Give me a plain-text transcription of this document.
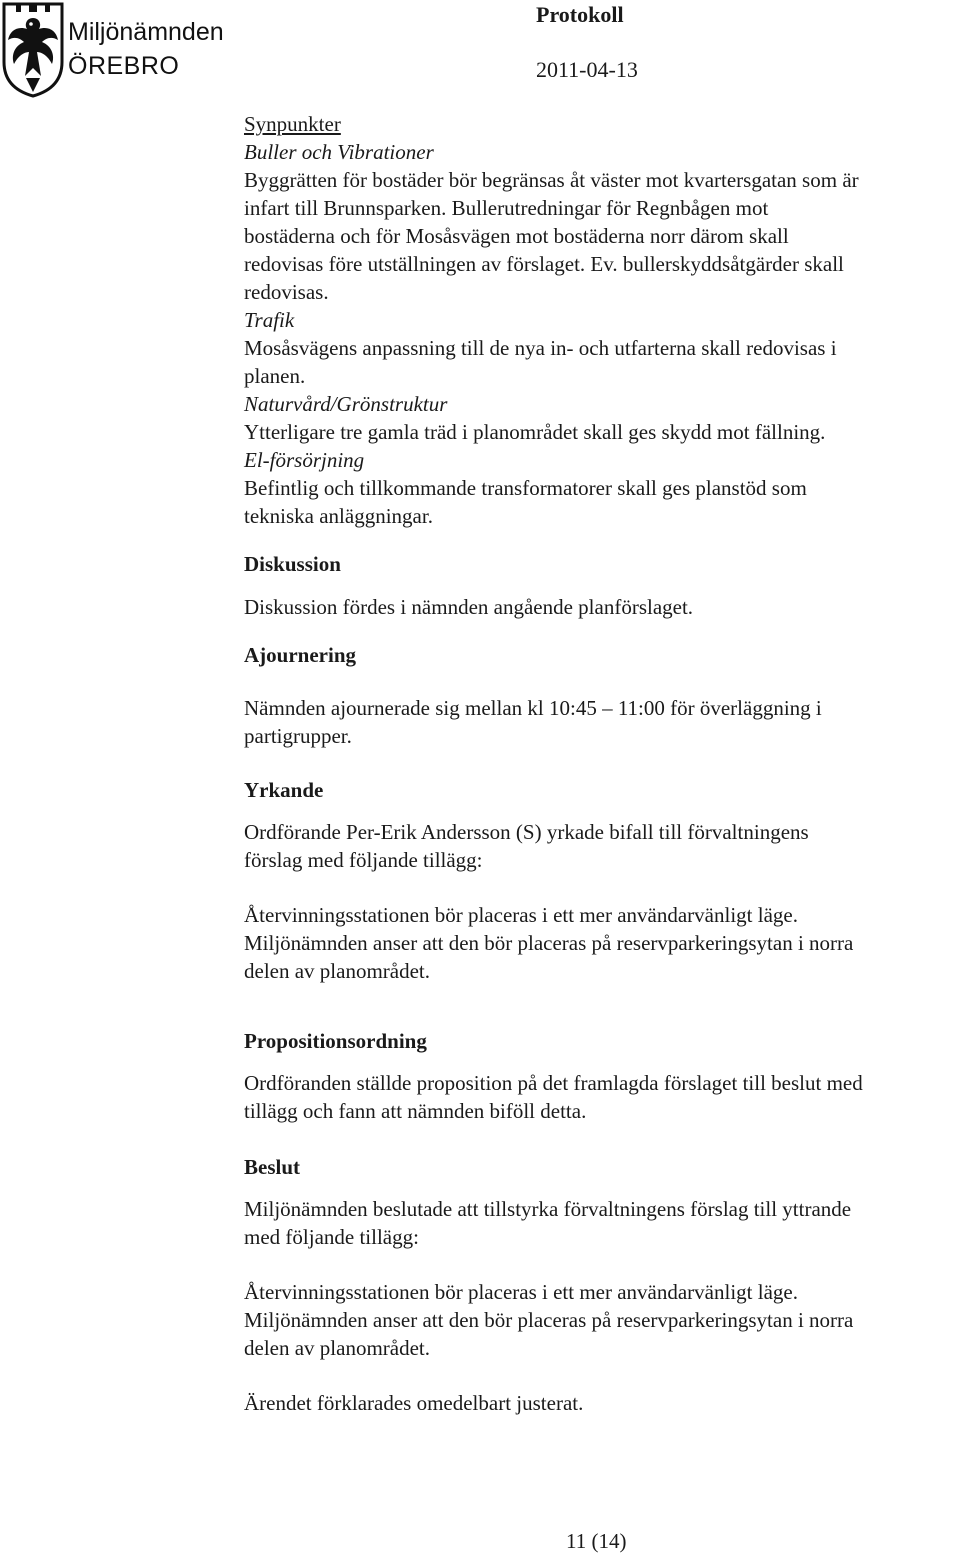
Miljönämnden
ÖREBRO
Protokoll
2011-04-13

Synpunkter

Buller och Vibrationer

Byggrätten för bostäder bör begränsas åt väster mot kvartersgatan som är

infart till Brunnsparken. Bullerutredningar för Regnbågen mot

bostäderna och för Mosåsvägen mot bostäderna norr därom skall

redovisas före utställningen av förslaget. Ev. bullerskyddsåtgärder skall

redovisas.

Trafik

Mosåsvägens anpassning till de nya in- och utfarterna skall redovisas i

planen.

Naturvård/Grönstruktur

Ytterligare tre gamla träd i planområdet skall ges skydd mot fällning.

El-försörjning

Befintlig och tillkommande transformatorer skall ges planstöd som

tekniska anläggningar.

Diskussion

Diskussion fördes i nämnden angående planförslaget.

Ajournering

Nämnden ajournerade sig mellan kl 10:45 – 11:00 för överläggning i

partigrupper.

Yrkande

Ordförande Per-Erik Andersson (S) yrkade bifall till förvaltningens

förslag med följande tillägg:

Återvinningsstationen bör placeras i ett mer användarvänligt läge.

Miljönämnden anser att den bör placeras på reservparkeringsytan i norra

delen av planområdet.

Propositionsordning

Ordföranden ställde proposition på det framlagda förslaget till beslut med

tillägg och fann att nämnden biföll detta.

Beslut

Miljönämnden beslutade att tillstyrka förvaltningens förslag till yttrande

med följande tillägg:

Återvinningsstationen bör placeras i ett mer användarvänligt läge.

Miljönämnden anser att den bör placeras på reservparkeringsytan i norra

delen av planområdet.

Ärendet förklarades omedelbart justerat.

11 (14)
